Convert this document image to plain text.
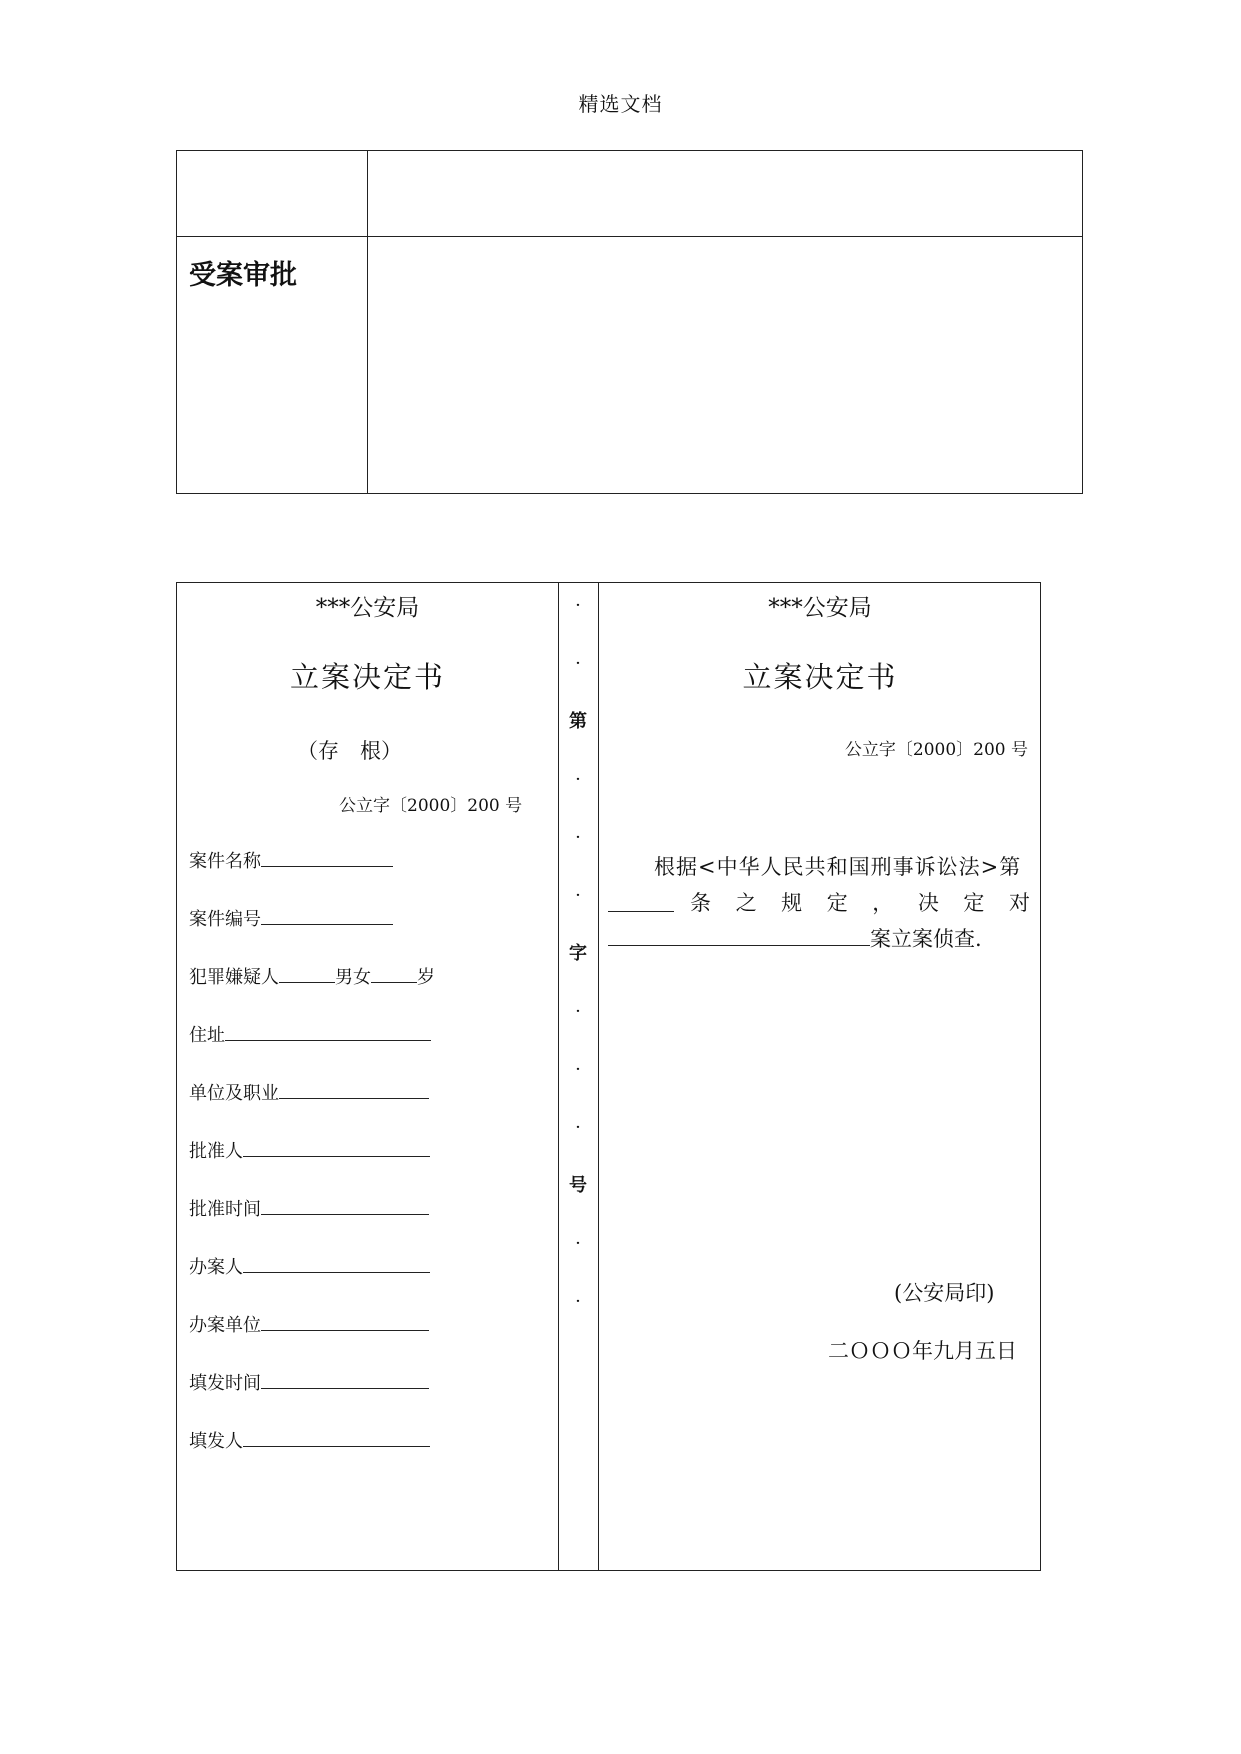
精选文档
受案审批
***公安局
立案决定书
（存　根）
公立字〔2000〕200 号
案件名称
案件编号
犯罪嫌疑人	男女	岁
住址
单位及职业
批准人
批准时间
办案人
办案单位
填发时间
填发人
·
·
第
·
·
·
字
·
·
·
号
·
·
***公安局
立案决定书
公立字〔2000〕200 号
根据<中华人民共和国刑事诉讼法>第
条 之 规 定 ， 决 定 对
案立案侦查.
(公安局印)
二ＯＯＯ年九月五日
